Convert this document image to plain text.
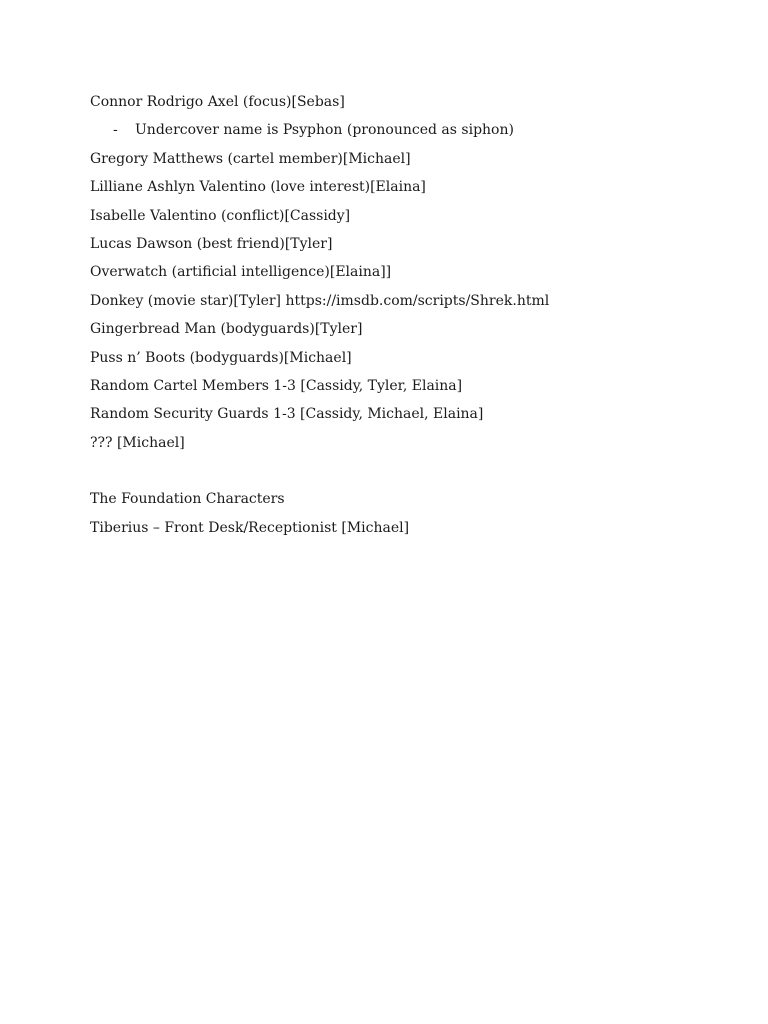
Connor Rodrigo Axel (focus)[Sebas]
- Undercover name is Psyphon (pronounced as siphon)
Gregory Matthews (cartel member)[Michael]
Lilliane Ashlyn Valentino (love interest)[Elaina]
Isabelle Valentino (conflict)[Cassidy]
Lucas Dawson (best friend)[Tyler]
Overwatch (artificial intelligence)[Elaina]]
Donkey (movie star)[Tyler] https://imsdb.com/scripts/Shrek.html
Gingerbread Man (bodyguards)[Tyler]
Puss n’ Boots (bodyguards)[Michael]
Random Cartel Members 1-3 [Cassidy, Tyler, Elaina]
Random Security Guards 1-3 [Cassidy, Michael, Elaina]
??? [Michael]
The Foundation Characters
Tiberius – Front Desk/Receptionist [Michael]
